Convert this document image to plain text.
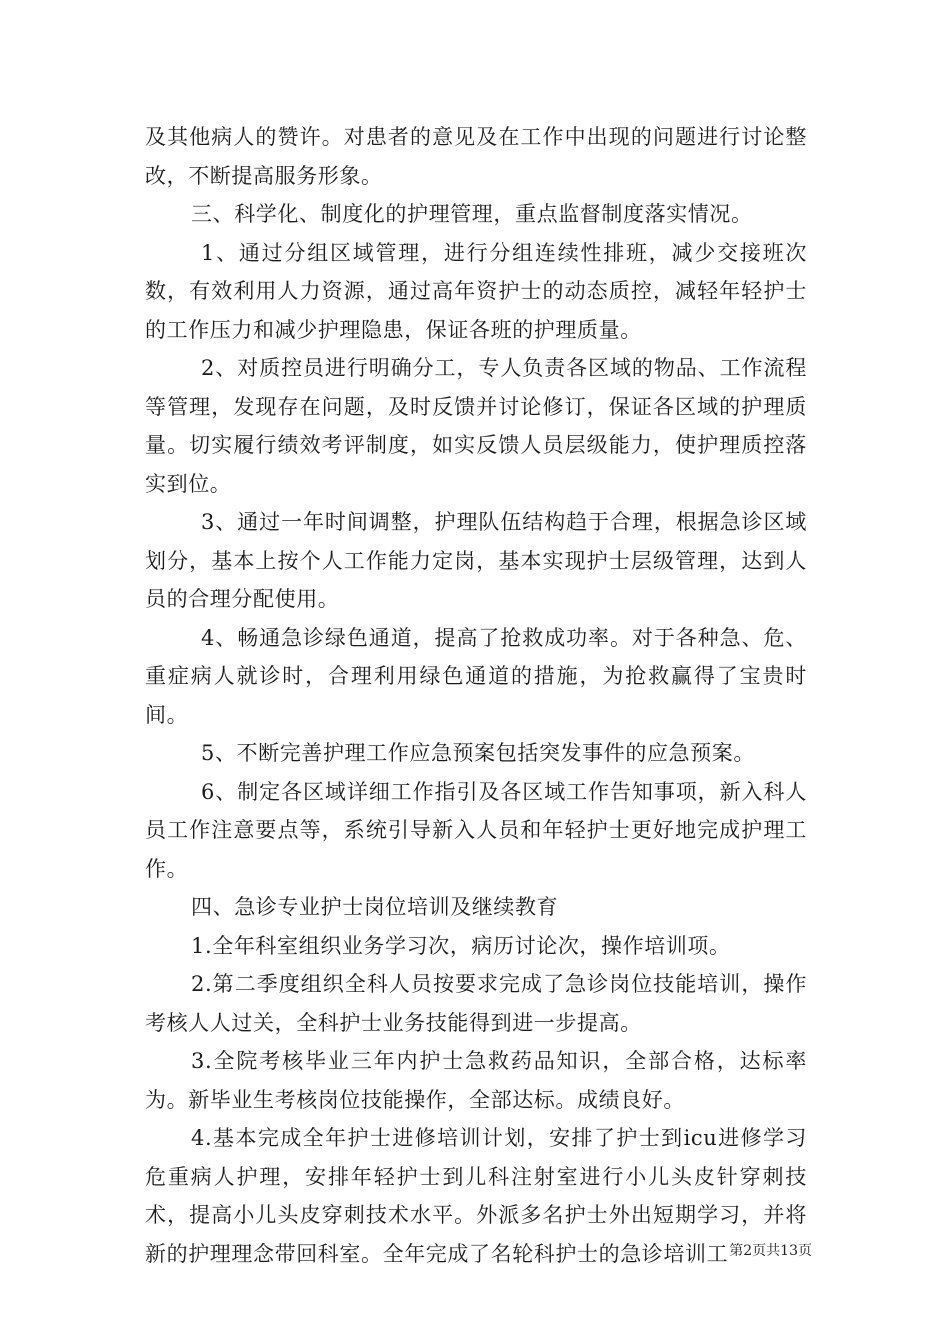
及其他病人的赞许。对患者的意见及在工作中出现的问题进行讨论整改，不断提高服务形象。

三、科学化、制度化的护理管理，重点监督制度落实情况。

1、通过分组区域管理，进行分组连续性排班，减少交接班次数，有效利用人力资源，通过高年资护士的动态质控，减轻年轻护士的工作压力和减少护理隐患，保证各班的护理质量。

2、对质控员进行明确分工，专人负责各区域的物品、工作流程等管理，发现存在问题，及时反馈并讨论修订，保证各区域的护理质量。切实履行绩效考评制度，如实反馈人员层级能力，使护理质控落实到位。

3、通过一年时间调整，护理队伍结构趋于合理，根据急诊区域划分，基本上按个人工作能力定岗，基本实现护士层级管理，达到人员的合理分配使用。

4、畅通急诊绿色通道，提高了抢救成功率。对于各种急、危、重症病人就诊时，合理利用绿色通道的措施，为抢救赢得了宝贵时间。

5、不断完善护理工作应急预案包括突发事件的应急预案。

6、制定各区域详细工作指引及各区域工作告知事项，新入科人员工作注意要点等，系统引导新入人员和年轻护士更好地完成护理工作。

四、急诊专业护士岗位培训及继续教育

1.全年科室组织业务学习次，病历讨论次，操作培训项。

2.第二季度组织全科人员按要求完成了急诊岗位技能培训，操作考核人人过关，全科护士业务技能得到进一步提高。

3.全院考核毕业三年内护士急救药品知识，全部合格，达标率为。新毕业生考核岗位技能操作，全部达标。成绩良好。

4.基本完成全年护士进修培训计划，安排了护士到icu进修学习危重病人护理，安排年轻护士到儿科注射室进行小儿头皮针穿刺技术，提高小儿头皮穿刺技术水平。外派多名护士外出短期学习，并将新的护理理念带回科室。全年完成了名轮科护士的急诊培训工 第2页共13页
